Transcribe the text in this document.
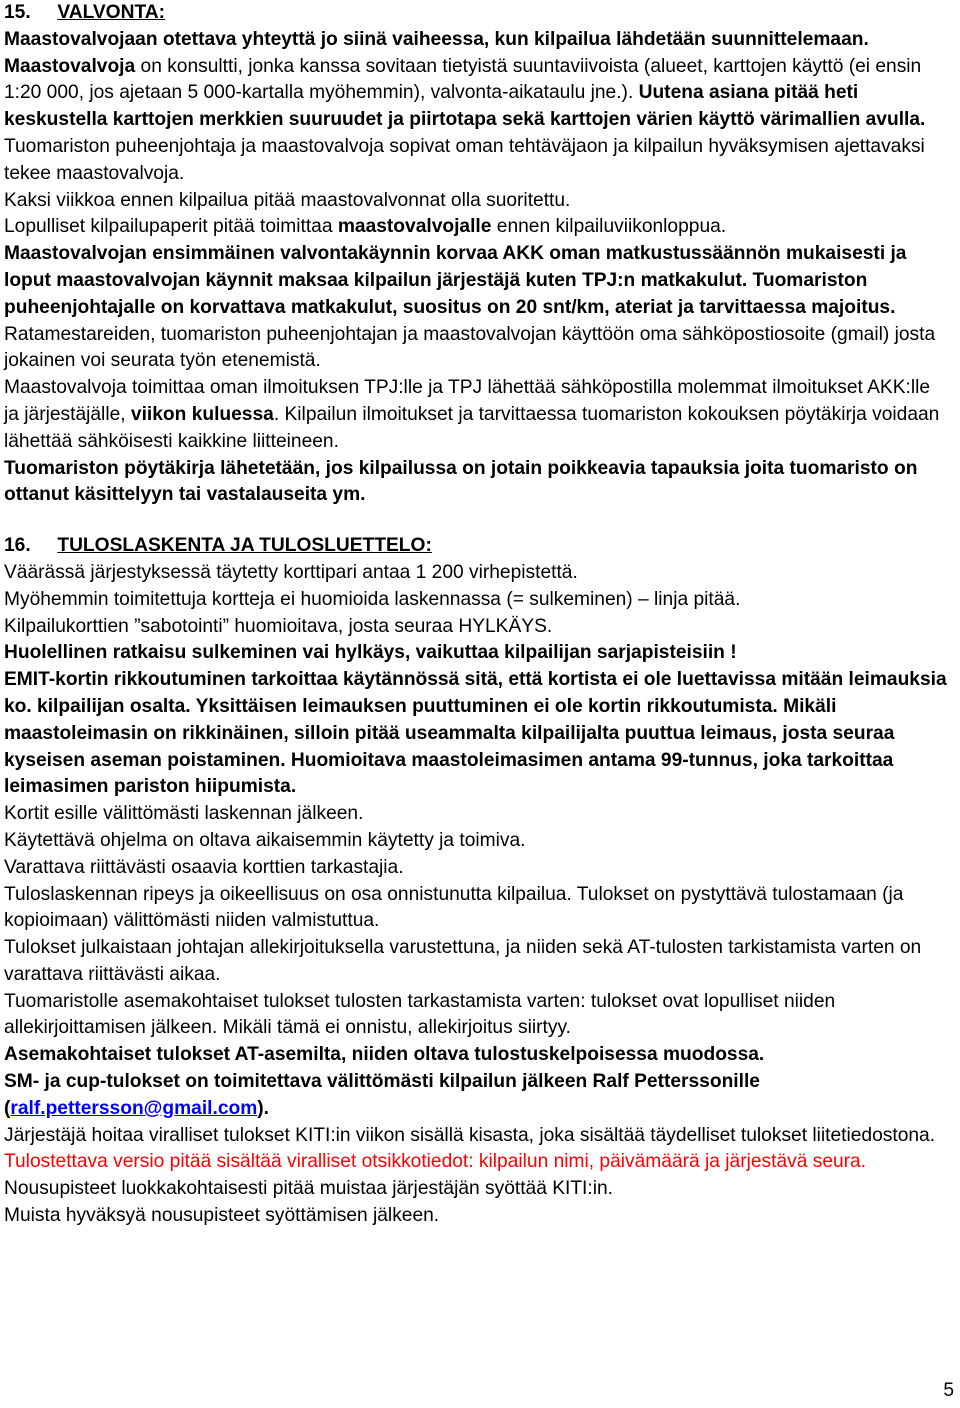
15. VALVONTA:

Maastovalvojaan otettava yhteyttä jo siinä vaiheessa, kun kilpailua lähdetään suunnittelemaan. Maastovalvoja on konsultti, jonka kanssa sovitaan tietyistä suuntaviivoista (alueet, karttojen käyttö (ei ensin 1:20 000, jos ajetaan 5 000-kartalla myöhemmin), valvonta-aikataulu jne.). Uutena asiana pitää heti keskustella karttojen merkkien suuruudet ja piirtotapa sekä karttojen värien käyttö värimallien avulla.

Tuomariston puheenjohtaja ja maastovalvoja sopivat oman tehtäväjaon ja kilpailun hyväksymisen ajettavaksi tekee maastovalvoja.

Kaksi viikkoa ennen kilpailua pitää maastovalvonnat olla suoritettu.

Lopulliset kilpailupaperit pitää toimittaa maastovalvojalle ennen kilpailuviikonloppua.

Maastovalvojan ensimmäinen valvontakäynnin korvaa AKK oman matkustussäännön mukaisesti ja loput maastovalvojan käynnit maksaa kilpailun järjestäjä kuten TPJ:n matkakulut. Tuomariston puheenjohtajalle on korvattava matkakulut, suositus on 20 snt/km, ateriat ja tarvittaessa majoitus.

Ratamestareiden, tuomariston puheenjohtajan ja maastovalvojan käyttöön oma sähköpostiosoite (gmail) josta jokainen voi seurata työn etenemistä.

Maastovalvoja toimittaa oman ilmoituksen TPJ:lle ja TPJ lähettää sähköpostilla molemmat ilmoitukset AKK:lle ja järjestäjälle, viikon kuluessa. Kilpailun ilmoitukset ja tarvittaessa tuomariston kokouksen pöytäkirja voidaan lähettää sähköisesti kaikkine liitteineen.

Tuomariston pöytäkirja lähetetään, jos kilpailussa on jotain poikkeavia tapauksia joita tuomaristo on ottanut käsittelyyn tai vastalauseita ym.

16. TULOSLASKENTA JA TULOSLUETTELO:

Väärässä järjestyksessä täytetty korttipari antaa 1 200 virhepistettä.

Myöhemmin toimitettuja kortteja ei huomioida laskennassa (= sulkeminen) – linja pitää.

Kilpailukorttien ”sabotointi” huomioitava, josta seuraa HYLKÄYS.

Huolellinen ratkaisu sulkeminen vai hylkäys, vaikuttaa kilpailijan sarjapisteisiin !

EMIT-kortin rikkoutuminen tarkoittaa käytännössä sitä, että kortista ei ole luettavissa mitään leimauksia ko. kilpailijan osalta. Yksittäisen leimauksen puuttuminen ei ole kortin rikkoutumista. Mikäli maastoleimasin on rikkinäinen, silloin pitää useammalta kilpailijalta puuttua leimaus, josta seuraa kyseisen aseman poistaminen. Huomioitava maastoleimasimen antama 99-tunnus, joka tarkoittaa leimasimen pariston hiipumista.

Kortit esille välittömästi laskennan jälkeen.

Käytettävä ohjelma on oltava aikaisemmin käytetty ja toimiva.

Varattava riittävästi osaavia korttien tarkastajia.

Tuloslaskennan ripeys ja oikeellisuus on osa onnistunutta kilpailua. Tulokset on pystyttävä tulostamaan (ja kopioimaan) välittömästi niiden valmistuttua.

Tulokset julkaistaan johtajan allekirjoituksella varustettuna, ja niiden sekä AT-tulosten tarkistamista varten on varattava riittävästi aikaa.

Tuomaristolle asemakohtaiset tulokset tulosten tarkastamista varten: tulokset ovat lopulliset niiden allekirjoittamisen jälkeen. Mikäli tämä ei onnistu, allekirjoitus siirtyy.

Asemakohtaiset tulokset AT-asemilta, niiden oltava tulostuskelpoisessa muodossa.

SM- ja cup-tulokset on toimitettava välittömästi kilpailun jälkeen Ralf Petterssonille (ralf.pettersson@gmail.com).

Järjestäjä hoitaa viralliset tulokset KITI:in viikon sisällä kisasta, joka sisältää täydelliset tulokset liitetiedostona. Tulostettava versio pitää sisältää viralliset otsikkotiedot: kilpailun nimi, päivämäärä ja järjestävä seura.

Nousupisteet luokkakohtaisesti pitää muistaa järjestäjän syöttää KITI:in.

Muista hyväksyä nousupisteet syöttämisen jälkeen.

5
